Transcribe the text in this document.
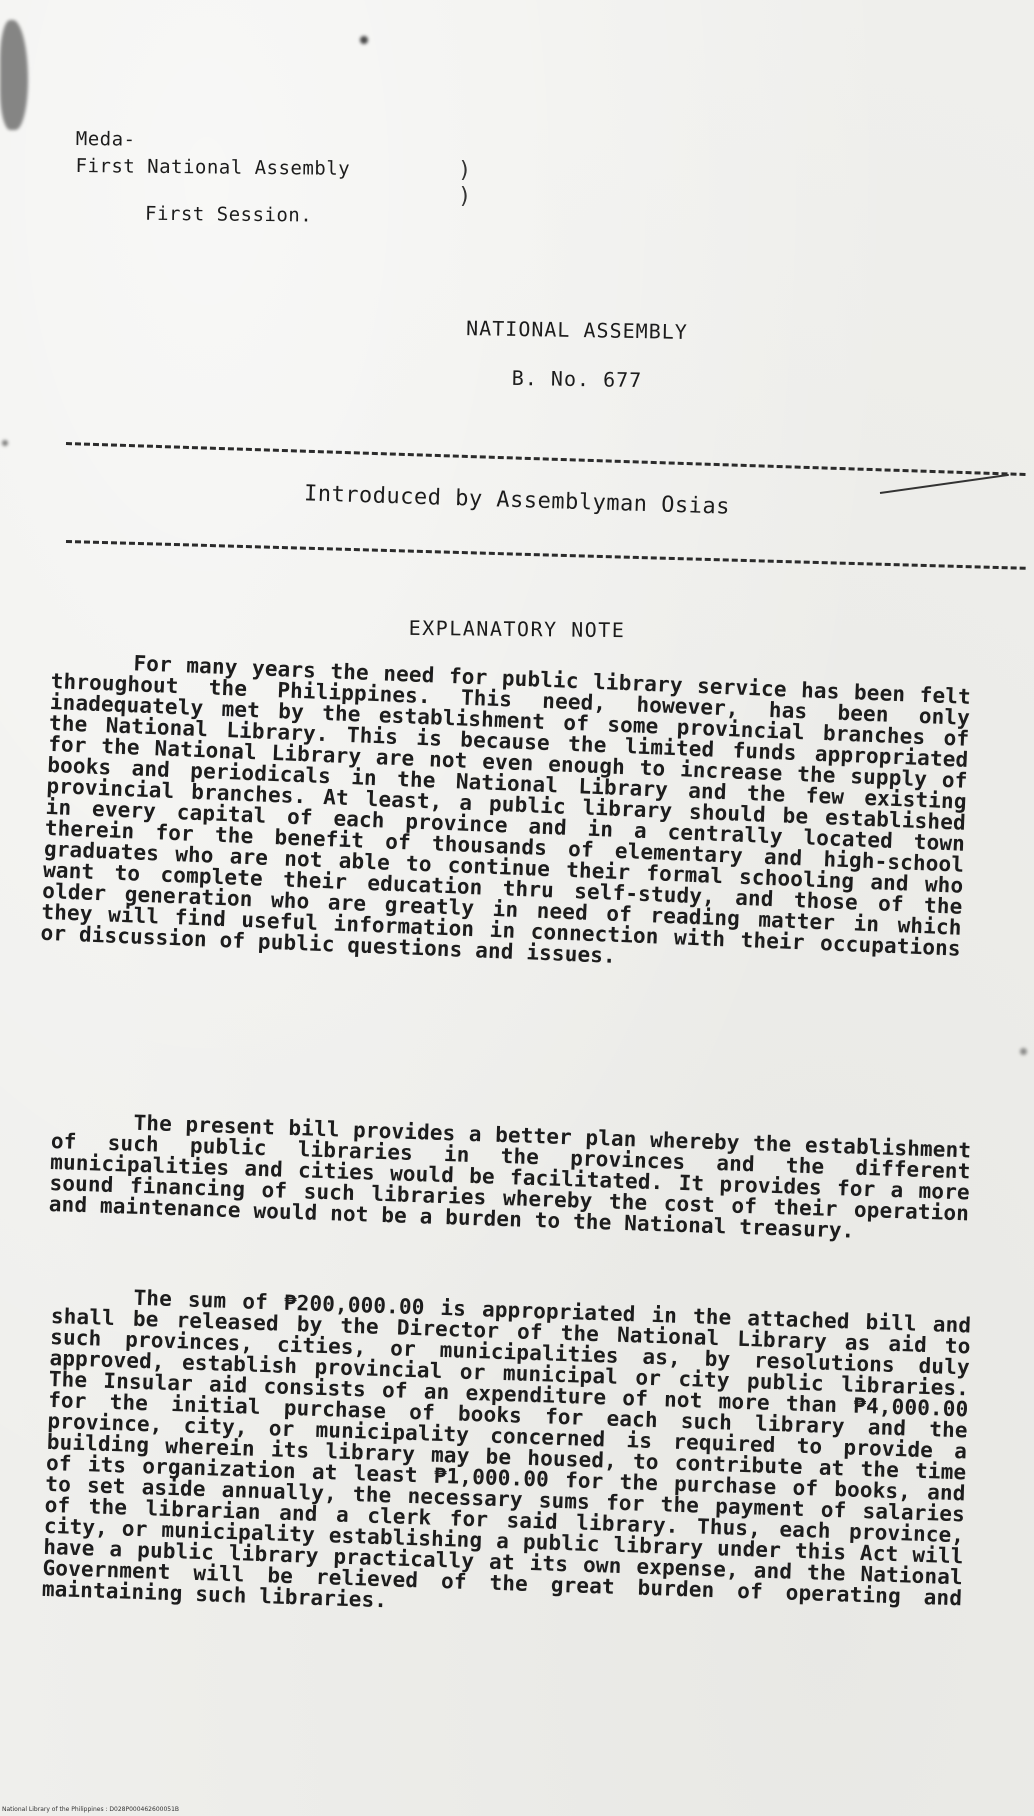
Meda-
First National Assembly
First Session.
)
)
NATIONAL ASSEMBLY
B. No. 677
Introduced by Assemblyman Osias
EXPLANATORY NOTE
For many years the need for public library service has been felt throughout the Philippines. This need, however, has been only inadequately met by the establishment of some provincial branches of the National Library. This is because the limited funds appropriated for the National Library are not even enough to increase the supply of books and periodicals in the National Library and the few existing provincial branches. At least, a public library should be established in every capital of each province and in a centrally located town therein for the benefit of thousands of elementary and high-school graduates who are not able to continue their formal schooling and who want to complete their education thru self-study, and those of the older generation who are greatly in need of reading matter in which they will find useful information in connection with their occupations or discussion of public questions and issues.
The present bill provides a better plan whereby the establishment of such public libraries in the provinces and the different municipalities and cities would be facilitated. It provides for a more sound financing of such libraries whereby the cost of their operation and maintenance would not be a burden to the National treasury.
The sum of ₱200,000.00 is appropriated in the attached bill and shall be released by the Director of the National Library as aid to such provinces, cities, or municipalities as, by resolutions duly approved, establish provincial or municipal or city public libraries. The Insular aid consists of an expenditure of not more than ₱4,000.00 for the initial purchase of books for each such library and the province, city, or municipality concerned is required to provide a building wherein its library may be housed, to contribute at the time of its organization at least ₱1,000.00 for the purchase of books, and to set aside annually, the necessary sums for the payment of salaries of the librarian and a clerk for said library. Thus, each province, city, or municipality establishing a public library under this Act will have a public library practically at its own expense, and the National Government will be relieved of the great burden of operating and maintaining such libraries.
National Library of the Philippines : D028P000462600051B
